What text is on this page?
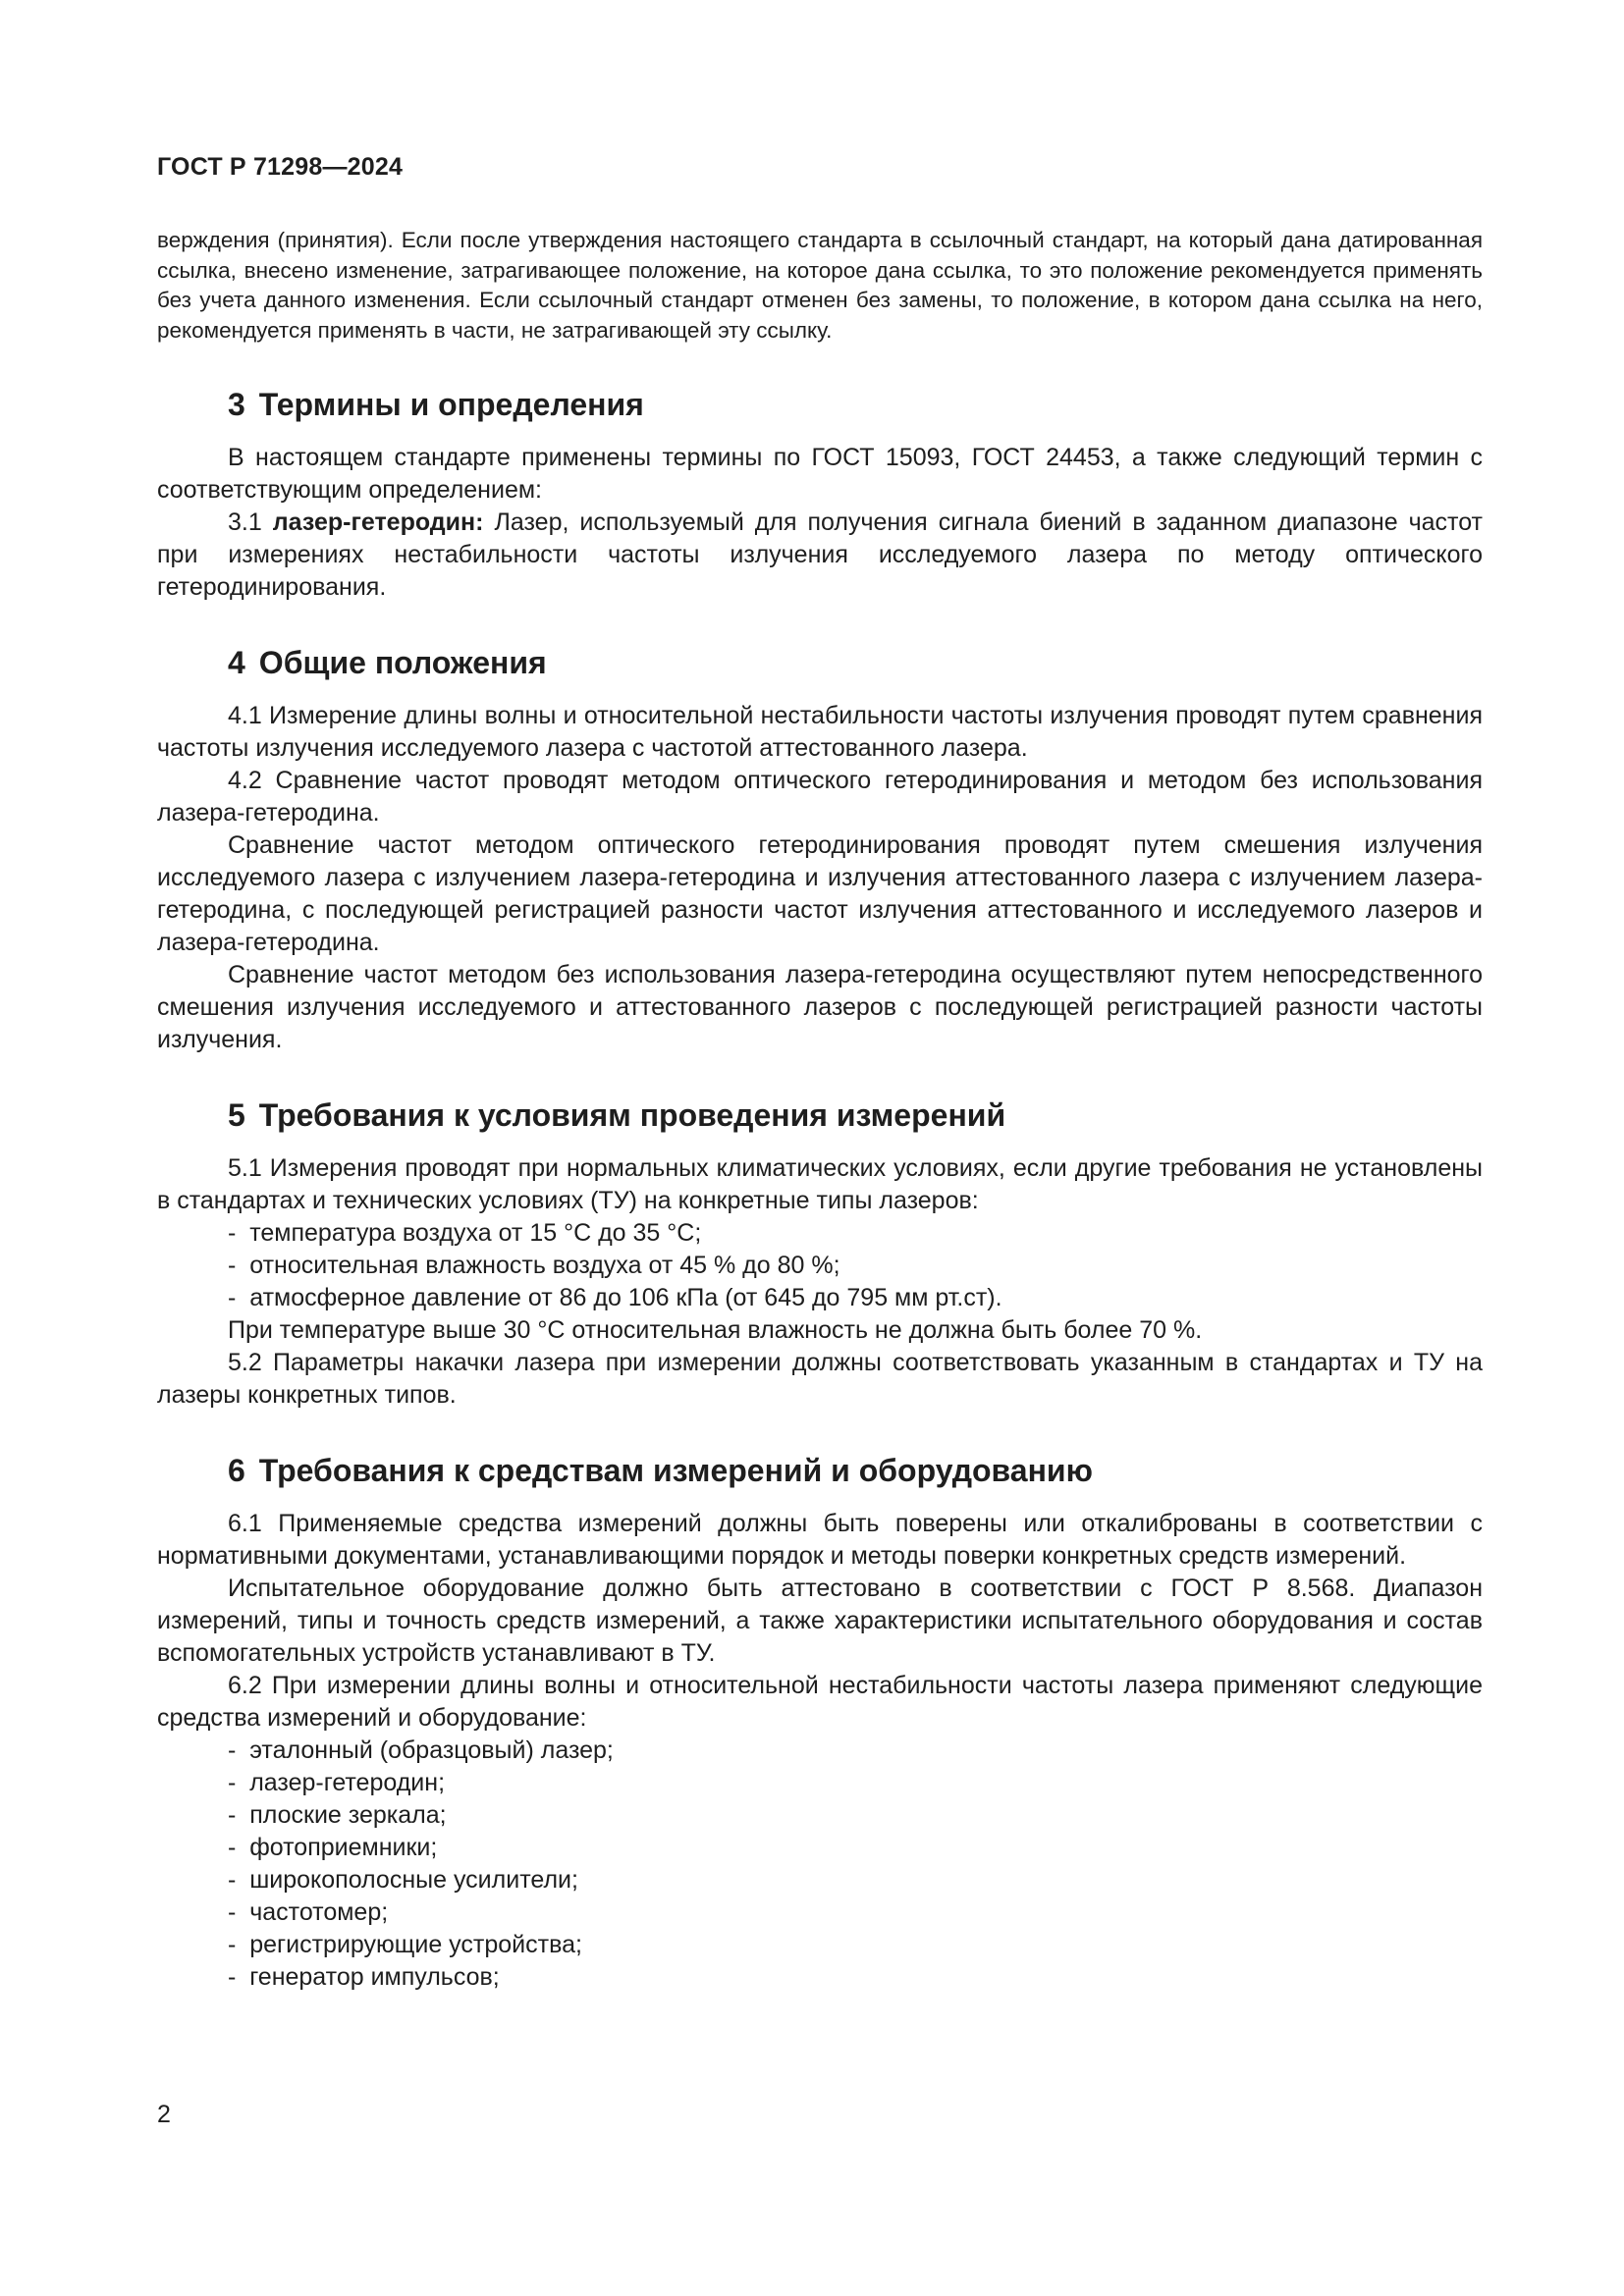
ГОСТ Р 71298—2024

верждения (принятия). Если после утверждения настоящего стандарта в ссылочный стандарт, на который дана датированная ссылка, внесено изменение, затрагивающее положение, на которое дана ссылка, то это положение рекомендуется применять без учета данного изменения. Если ссылочный стандарт отменен без замены, то положение, в котором дана ссылка на него, рекомендуется применять в части, не затрагивающей эту ссылку.

3 Термины и определения

В настоящем стандарте применены термины по ГОСТ 15093, ГОСТ 24453, а также следующий термин с соответствующим определением:

3.1 лазер-гетеродин: Лазер, используемый для получения сигнала биений в заданном диапазоне частот при измерениях нестабильности частоты излучения исследуемого лазера по методу оптического гетеродинирования.

4 Общие положения

4.1 Измерение длины волны и относительной нестабильности частоты излучения проводят путем сравнения частоты излучения исследуемого лазера с частотой аттестованного лазера.

4.2 Сравнение частот проводят методом оптического гетеродинирования и методом без использования лазера-гетеродина.

Сравнение частот методом оптического гетеродинирования проводят путем смешения излучения исследуемого лазера с излучением лазера-гетеродина и излучения аттестованного лазера с излучением лазера-гетеродина, с последующей регистрацией разности частот излучения аттестованного и исследуемого лазеров и лазера-гетеродина.

Сравнение частот методом без использования лазера-гетеродина осуществляют путем непосредственного смешения излучения исследуемого и аттестованного лазеров с последующей регистрацией разности частоты излучения.

5 Требования к условиям проведения измерений

5.1 Измерения проводят при нормальных климатических условиях, если другие требования не установлены в стандартах и технических условиях (ТУ) на конкретные типы лазеров:

-  температура воздуха от 15 °С до 35 °С;
-  относительная влажность воздуха от 45 % до 80 %;
-  атмосферное давление от 86 до 106 кПа (от 645 до 795 мм рт.ст).

При температуре выше 30 °С относительная влажность не должна быть более 70 %.

5.2 Параметры накачки лазера при измерении должны соответствовать указанным в стандартах и ТУ на лазеры конкретных типов.

6 Требования к средствам измерений и оборудованию

6.1 Применяемые средства измерений должны быть поверены или откалиброваны в соответствии с нормативными документами, устанавливающими порядок и методы поверки конкретных средств измерений.

Испытательное оборудование должно быть аттестовано в соответствии с ГОСТ Р 8.568. Диапазон измерений, типы и точность средств измерений, а также характеристики испытательного оборудования и состав вспомогательных устройств устанавливают в ТУ.

6.2 При измерении длины волны и относительной нестабильности частоты лазера применяют следующие средства измерений и оборудование:

-  эталонный (образцовый) лазер;
-  лазер-гетеродин;
-  плоские зеркала;
-  фотоприемники;
-  широкополосные усилители;
-  частотомер;
-  регистрирующие устройства;
-  генератор импульсов;
2
